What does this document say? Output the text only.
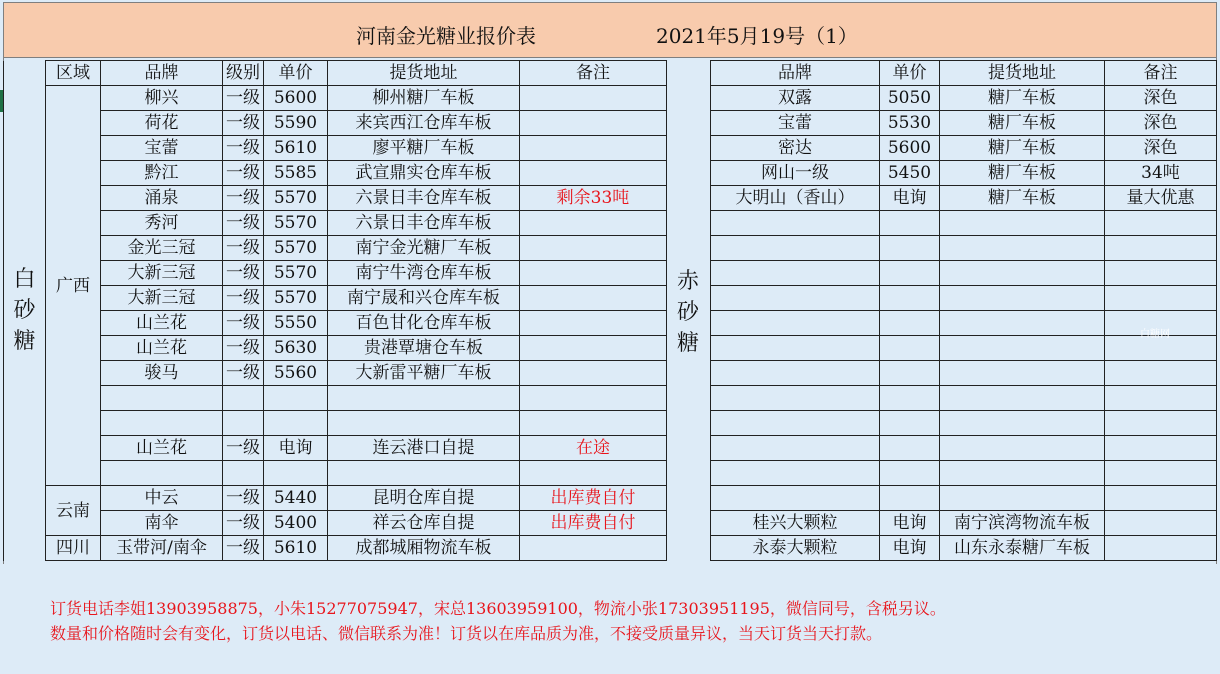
河南金光糖业报价表	2021年5月19号（1）
白
砂
糖	区域	品牌	级别	单价	提货地址	备注
	广西	柳兴	一级	5600	柳州糖厂车板	
		荷花	一级	5590	来宾西江仓库车板	
		宝蕾	一级	5610	廖平糖厂车板	
		黔江	一级	5585	武宣鼎实仓库车板	
		涌泉	一级	5570	六景日丰仓库车板	剩余33吨
		秀河	一级	5570	六景日丰仓库车板	
		金光三冠	一级	5570	南宁金光糖厂车板	
		大新三冠	一级	5570	南宁牛湾仓库车板	
		大新三冠	一级	5570	南宁晟和兴仓库车板	
		山兰花	一级	5550	百色甘化仓库车板	
		山兰花	一级	5630	贵港覃塘仓车板	
		骏马	一级	5560	大新雷平糖厂车板	

		山兰花	一级	电询	连云港口自提	在途

	云南	中云	一级	5440	昆明仓库自提	出库费自付
		南伞	一级	5400	祥云仓库自提	出库费自付
	四川	玉带河/南伞	一级	5610	成都城厢物流车板	
赤
砂
糖
品牌	单价	提货地址	备注
双露	5050	糖厂车板	深色
宝蕾	5530	糖厂车板	深色
密达	5600	糖厂车板	深色
网山一级	5450	糖厂车板	34吨
大明山（香山）	电询	糖厂车板	量大优惠

桂兴大颗粒	电询	南宁滨湾物流车板	
永泰大颗粒	电询	山东永泰糖厂车板	
订货电话李姐13903958875，小朱15277075947，宋总13603959100，物流小张17303951195，微信同号，含税另议。
数量和价格随时会有变化，订货以电话、微信联系为准！订货以在库品质为准，不接受质量异议，当天订货当天打款。
白糖网
